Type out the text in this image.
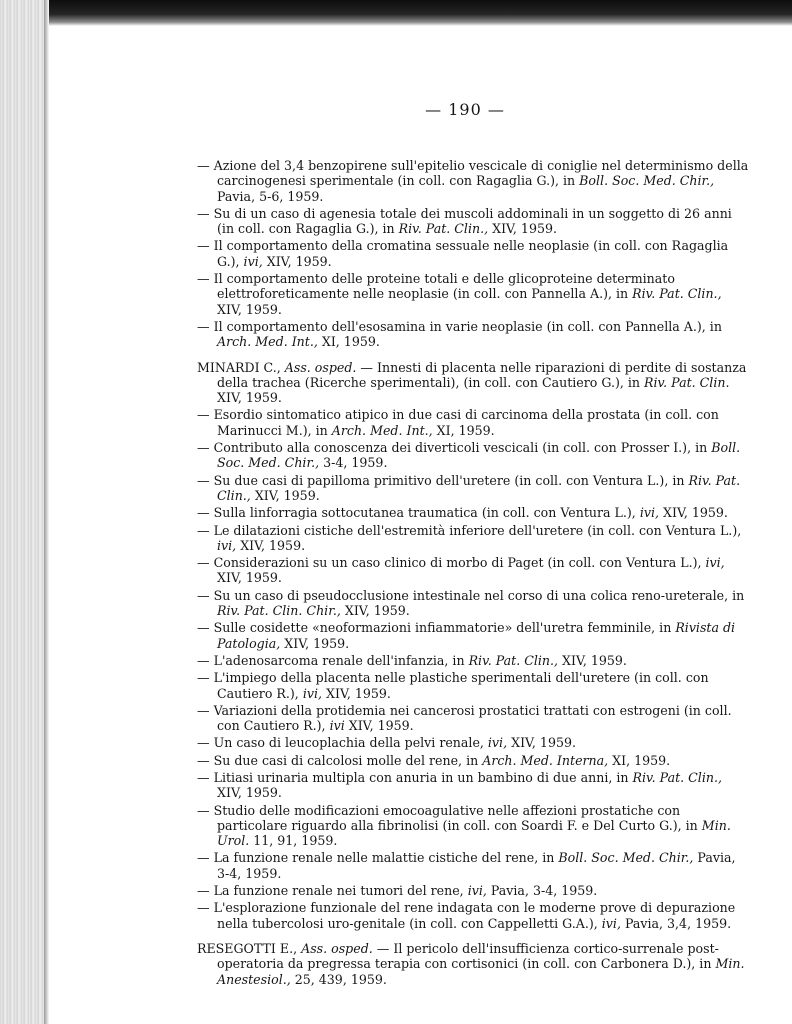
— 190 —

— Azione del 3,4 benzopirene sull'epitelio vescicale di coniglie nel determinismo della carcinogenesi sperimentale (in coll. con Ragaglia G.), in Boll. Soc. Med. Chir., Pavia, 5-6, 1959.

— Su di un caso di agenesia totale dei muscoli addominali in un soggetto di 26 anni (in coll. con Ragaglia G.), in Riv. Pat. Clin., XIV, 1959.

— Il comportamento della cromatina sessuale nelle neoplasie (in coll. con Ragaglia G.), ivi, XIV, 1959.

— Il comportamento delle proteine totali e delle glicoproteine determinato elettroforeticamente nelle neoplasie (in coll. con Pannella A.), in Riv. Pat. Clin., XIV, 1959.

— Il comportamento dell'esosamina in varie neoplasie (in coll. con Pannella A.), in Arch. Med. Int., XI, 1959.

MINARDI C., Ass. osped. — Innesti di placenta nelle riparazioni di perdite di sostanza della trachea (Ricerche sperimentali), (in coll. con Cautiero G.), in Riv. Pat. Clin. XIV, 1959.

— Esordio sintomatico atipico in due casi di carcinoma della prostata (in coll. con Marinucci M.), in Arch. Med. Int., XI, 1959.

— Contributo alla conoscenza dei diverticoli vescicali (in coll. con Prosser I.), in Boll. Soc. Med. Chir., 3-4, 1959.

— Su due casi di papilloma primitivo dell'uretere (in coll. con Ventura L.), in Riv. Pat. Clin., XIV, 1959.

— Sulla linforragia sottocutanea traumatica (in coll. con Ventura L.), ivi, XIV, 1959.

— Le dilatazioni cistiche dell'estremità inferiore dell'uretere (in coll. con Ventura L.), ivi, XIV, 1959.

— Considerazioni su un caso clinico di morbo di Paget (in coll. con Ventura L.), ivi, XIV, 1959.

— Su un caso di pseudocclusione intestinale nel corso di una colica reno-ureterale, in Riv. Pat. Clin. Chir., XIV, 1959.

— Sulle cosidette «neoformazioni infiammatorie» dell'uretra femminile, in Rivista di Patologia, XIV, 1959.

— L'adenosarcoma renale dell'infanzia, in Riv. Pat. Clin., XIV, 1959.

— L'impiego della placenta nelle plastiche sperimentali dell'uretere (in coll. con Cautiero R.), ivi, XIV, 1959.

— Variazioni della protidemia nei cancerosi prostatici trattati con estrogeni (in coll. con Cautiero R.), ivi XIV, 1959.

— Un caso di leucoplachia della pelvi renale, ivi, XIV, 1959.

— Su due casi di calcolosi molle del rene, in Arch. Med. Interna, XI, 1959.

— Litiasi urinaria multipla con anuria in un bambino di due anni, in Riv. Pat. Clin., XIV, 1959.

— Studio delle modificazioni emocoagulative nelle affezioni prostatiche con particolare riguardo alla fibrinolisi (in coll. con Soardi F. e Del Curto G.), in Min. Urol. 11, 91, 1959.

— La funzione renale nelle malattie cistiche del rene, in Boll. Soc. Med. Chir., Pavia, 3-4, 1959.

— La funzione renale nei tumori del rene, ivi, Pavia, 3-4, 1959.

— L'esplorazione funzionale del rene indagata con le moderne prove di depurazione nella tubercolosi uro-genitale (in coll. con Cappelletti G.A.), ivi, Pavia, 3,4, 1959.

RESEGOTTI E., Ass. osped. — Il pericolo dell'insufficienza cortico-surrenale post-operatoria da pregressa terapia con cortisonici (in coll. con Carbonera D.), in Min. Anestesiol., 25, 439, 1959.
